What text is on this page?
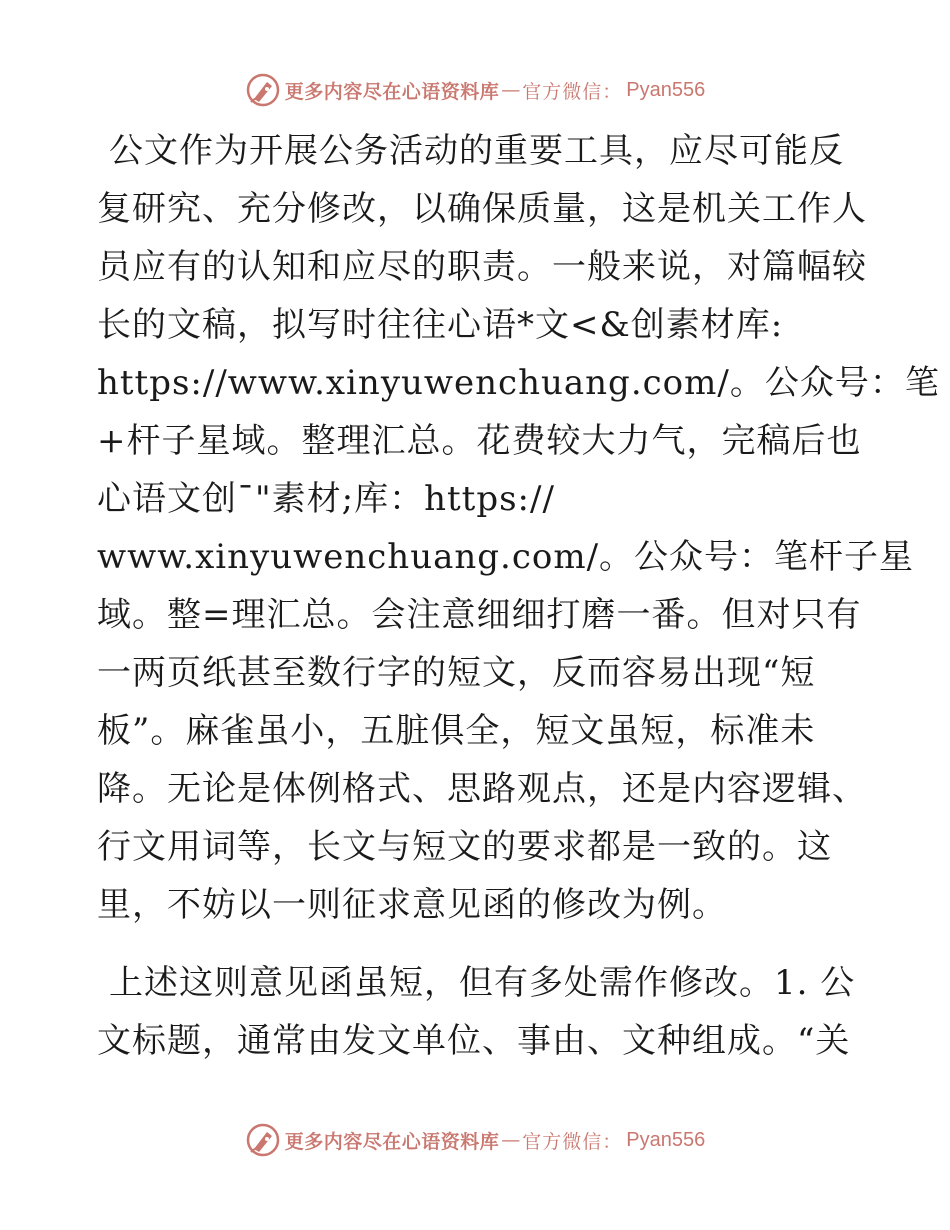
更多内容尽在心语资料库 — 官方微信： Pyan556
公文作为开展公务活动的重要工具，应尽可能反
复研究、充分修改，以确保质量，这是机关工作人
员应有的认知和应尽的职责。一般来说，对篇幅较
长的文稿，拟写时往往心语*文<&创素材库:
https://www.xinyuwenchuang.com/。公众号：笔
+杆子星域。整理汇总。花费较大力气，完稿后也
心语文创¯"素材;库：https://
www.xinyuwenchuang.com/。公众号：笔杆子星
域。整=理汇总。会注意细细打磨一番。但对只有
一两页纸甚至数行字的短文，反而容易出现“短
板”。麻雀虽小，五脏俱全，短文虽短，标准未
降。无论是体例格式、思路观点，还是内容逻辑、
行文用词等，长文与短文的要求都是一致的。这
里，不妨以一则征求意见函的修改为例。
上述这则意见函虽短，但有多处需作修改。1. 公
文标题，通常由发文单位、事由、文种组成。“关
更多内容尽在心语资料库 — 官方微信： Pyan556
